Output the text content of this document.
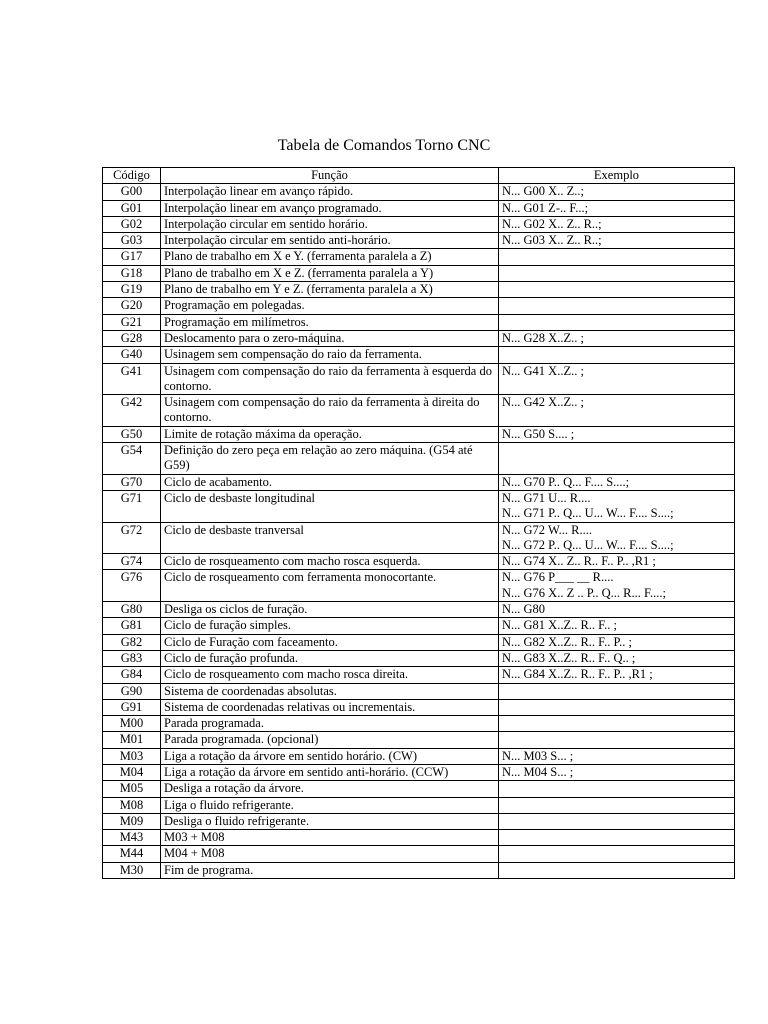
Tabela de Comandos Torno CNC
Código	Função	Exemplo
G00	Interpolação linear em avanço rápido.	N... G00 X.. Z..;

G01	Interpolação linear em avanço programado.	N... G01 Z-.. F...;

G02	Interpolação circular em sentido horário.	N... G02 X.. Z.. R..;

G03	Interpolação circular em sentido anti-horário.	N... G03 X.. Z.. R..;

G17	Plano de trabalho em X e Y. (ferramenta paralela a Z)	
G18	Plano de trabalho em X e Z. (ferramenta paralela a Y)	
G19	Plano de trabalho em Y e Z. (ferramenta paralela a X)	
G20	Programação em polegadas.	
G21	Programação em milímetros.	
G28	Deslocamento para o zero-máquina.	N... G28 X..Z.. ;

G40	Usinagem sem compensação do raio da ferramenta.	
G41	Usinagem com compensação do raio da ferramenta à esquerda do contorno.	N... G41 X..Z.. ;

G42	Usinagem com compensação do raio da ferramenta à direita do contorno.	N... G42 X..Z.. ;

G50	Limite de rotação máxima da operação.	N... G50 S.... ;

G54	Definição do zero peça em relação ao zero máquina. (G54 até G59)	
G70	Ciclo de acabamento.	N... G70 P.. Q... F.... S....;

G71	Ciclo de desbaste longitudinal	N... G71 U... R....
N... G71 P.. Q... U... W... F.... S....;

G72	Ciclo de desbaste tranversal	N... G72 W... R....
N... G72 P.. Q... U... W... F.... S....;

G74	Ciclo de rosqueamento com macho rosca esquerda.	N... G74 X.. Z.. R.. F.. P.. ,R1 ;

G76	Ciclo de rosqueamento com ferramenta monocortante.	N... G76 P___ __ R....
N... G76 X.. Z .. P.. Q... R... F....;

G80	Desliga os ciclos de furação.	N... G80

G81	Ciclo de furação simples.	N... G81 X..Z.. R.. F.. ;

G82	Ciclo de Furação com faceamento.	N... G82 X..Z.. R.. F.. P.. ;

G83	Ciclo de furação profunda.	N... G83 X..Z.. R.. F.. Q.. ;

G84	Ciclo de rosqueamento com macho rosca direita.	N... G84 X..Z.. R.. F.. P.. ,R1 ;

G90	Sistema de coordenadas absolutas.	
G91	Sistema de coordenadas relativas ou incrementais.	
M00	Parada programada.	
M01	Parada programada. (opcional)	
M03	Liga a rotação da árvore em sentido horário. (CW)	N... M03 S... ;

M04	Liga a rotação da árvore em sentido anti-horário. (CCW)	N... M04 S... ;

M05	Desliga a rotação da árvore.	
M08	Liga o fluido refrigerante.	
M09	Desliga o fluido refrigerante.	
M43	M03 + M08	
M44	M04 + M08	
M30	Fim de programa.	
